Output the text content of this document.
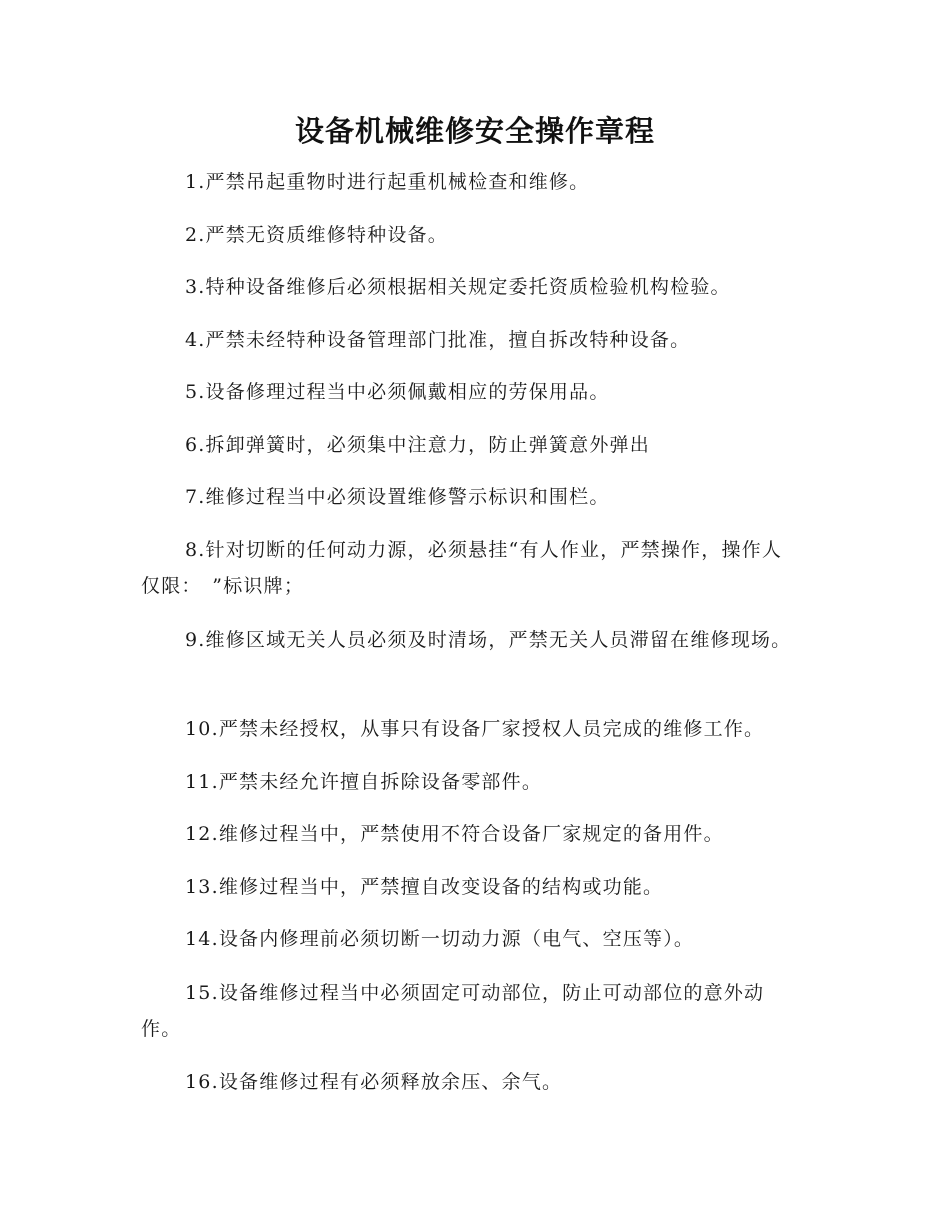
设备机械维修安全操作章程
1.严禁吊起重物时进行起重机械检查和维修。
2.严禁无资质维修特种设备。
3.特种设备维修后必须根据相关规定委托资质检验机构检验。
4.严禁未经特种设备管理部门批准，擅自拆改特种设备。
5.设备修理过程当中必须佩戴相应的劳保用品。
6.拆卸弹簧时，必须集中注意力，防止弹簧意外弹出
7.维修过程当中必须设置维修警示标识和围栏。
8.针对切断的任何动力源，必须悬挂“有人作业，严禁操作，操作人仅限：　”标识牌；
9.维修区域无关人员必须及时清场，严禁无关人员滞留在维修现场。
10.严禁未经授权，从事只有设备厂家授权人员完成的维修工作。
11.严禁未经允许擅自拆除设备零部件。
12.维修过程当中，严禁使用不符合设备厂家规定的备用件。
13.维修过程当中，严禁擅自改变设备的结构或功能。
14.设备内修理前必须切断一切动力源（电气、空压等）。
15.设备维修过程当中必须固定可动部位，防止可动部位的意外动作。
16.设备维修过程有必须释放余压、余气。
